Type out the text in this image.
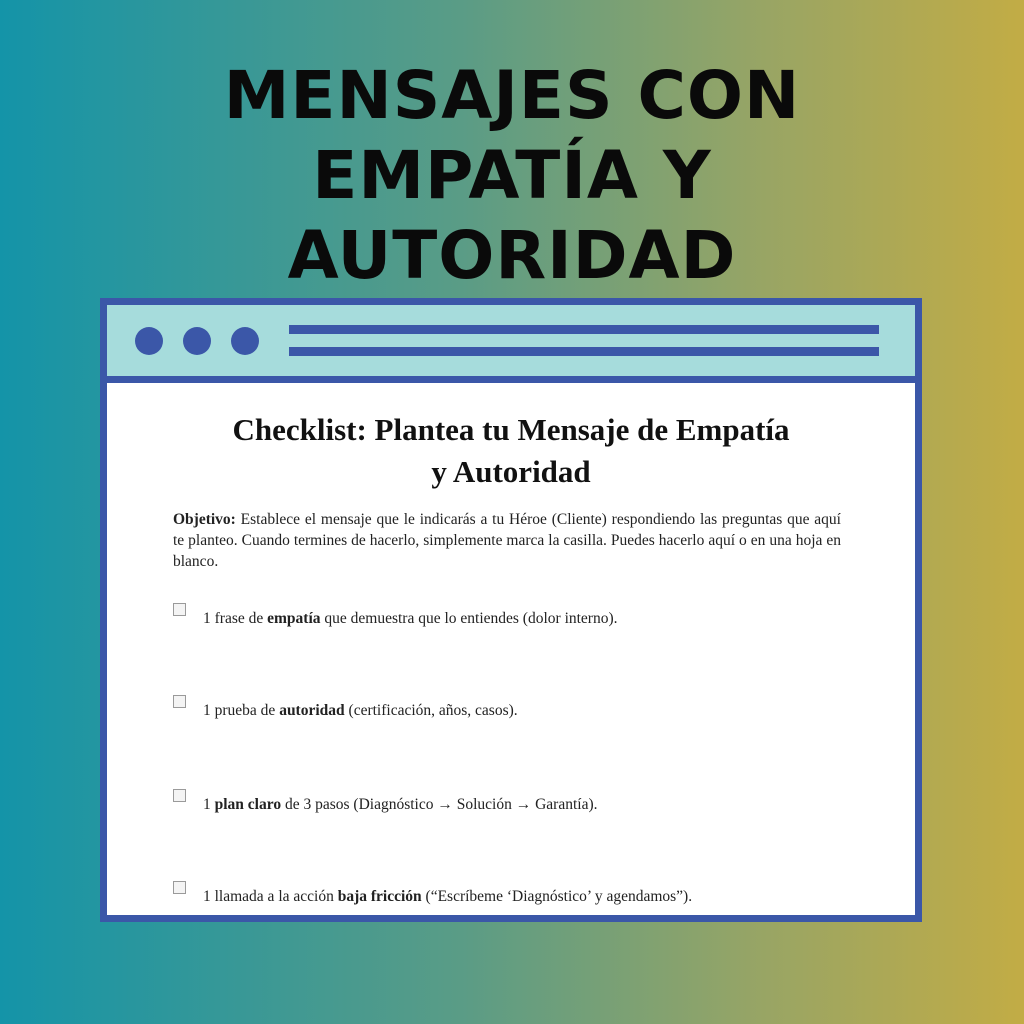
MENSAJES CON
EMPATÍA Y
AUTORIDAD
Checklist: Plantea tu Mensaje de Empatía
y Autoridad

Objetivo: Establece el mensaje que le indicarás a tu Héroe (Cliente) respondiendo las preguntas que aquí te planteo. Cuando termines de hacerlo, simplemente marca la casilla. Puedes hacerlo aquí o en una hoja en blanco.

1 frase de empatía que demuestra que lo entiendes (dolor interno).
1 prueba de autoridad (certificación, años, casos).
1 plan claro de 3 pasos (Diagnóstico → Solución → Garantía).
1 llamada a la acción baja fricción (“Escríbeme ‘Diagnóstico’ y agendamos”).
